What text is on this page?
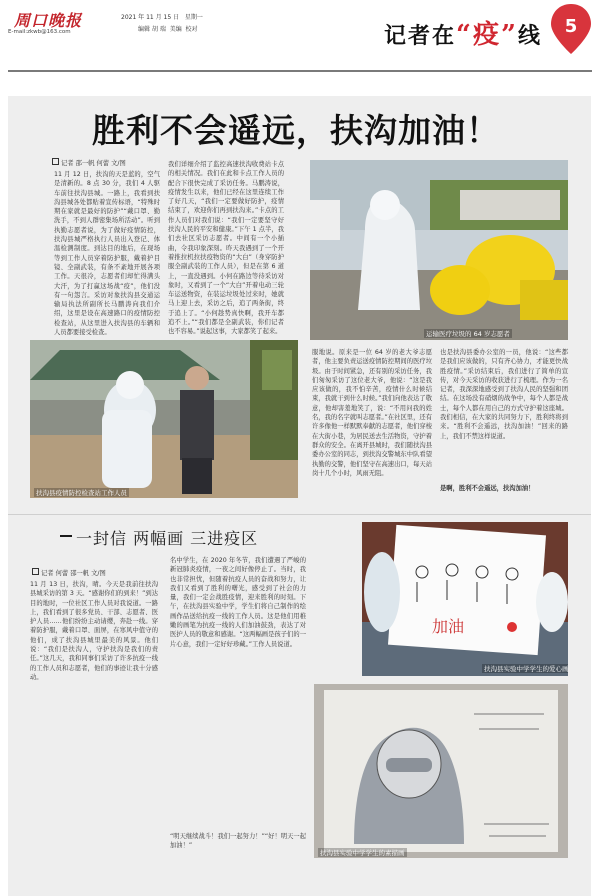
周口晚报
E-mail:zkwb@163.com
2021 年 11 月 15 日 星期一
编辑 胡 瑞 美编 校对	记者在“疫”线 5
胜利不会遥远，扶沟加油！
记者 邵一帆 何蕾 文/图
11 月 12 日，扶沟的天是蓝的，空气是清新的。8 点 30 分，我们 4 人驱车前往扶沟县城。一路上，我看到扶沟县城各处都贴着宣传标语，“特殊时期在家就是最好的防护”“戴口罩、勤洗手，不到人群密集场所活动”。听到执勤志愿者说，为了做好疫情防控，扶沟县城严格执行人员出入登记、体温检测制度。到达目的地后，在现场等到工作人员穿着防护服，戴着护目镜、全副武装，有条不紊地开展各项工作。天很冷，志愿者们却忙得满头大汗，为了打赢这场战“疫”，他们没有一句怨言。采访对象扶沟县交通运输局执法所副所长马鹏涛向我们介绍，这里是设在高速路口的疫情防控检查站，从这里进入扶沟县的车辆和人员都要接受检查。
我们详细介绍了监控高速扶沟收费站卡点的相关情况。我们在此和卡点工作人员的配合下很快完成了采访任务。马鹏涛说，疫情发生以来，他们已经在这里连续工作了好几天，“我们一定要做好防护，疫情结束了，欢迎你们再到扶沟来。”卡点的工作人员们对我们说：“我们一定要坚守好扶沟人民的平安和健康。”下午 1 点半，我们去社区采访志愿者。中间有一个小插曲，令我印象深刻。昨天我遇到了一个开着推拉机拉扶疫物资的“大白”（身穿防护服全副武装的工作人员），但是在第 6 道上，一直没遇到。小何在路边等待采访对象时，又看到了一个“大白”开着电动三轮车运送物资，在装运垃圾处过来时，她就马上迎上去，采访之后，追了两条街，终于追上了。“小何趁势真快啊，我开车都追不上。”“我们都是全副武装，你们记者也不容易。”说起这事，大家都笑了起来。
扶沟县疫情防控检查站工作人员
运输医疗垃圾的 64 岁志愿者
服地说。原来是一位 64 岁的老大爷志愿者，他主要负责运送疫情防控期间的医疗垃圾。由于时间紧急，还有别的采访任务，我们匆匆采访了这位老大爷，他说：“这是我应该做的，我不怕辛苦，疫情什么时候结束，我就干到什么时候。”我们向他表达了敬意，他却害羞地笑了，说：“不用问我的姓名，我的名字就叫志愿者。”在社区里，还有许多像他一样默默奉献的志愿者，他们穿梭在大街小巷，为居民送去生活物资，守护着群众的安全。在离开县城时，我们随扶沟县委办公室的同志，到扶沟交警城东中队看望执勤的交警，他们坚守在高速出口，每天站岗十几个小时，风雨无阻。
也是扶沟县委办公室的一员，他说：“这些都是我们应该做的，只有齐心协力，才能更快战胜疫情。”采访结束后，我们进行了简单的宣传，对今天采访的收获进行了梳理。作为一名记者，我深深地感受到了扶沟人民的坚强和团结。在这场没有硝烟的战争中，每个人都是战士，每个人都在用自己的方式守护着这座城。我们相信，在大家的共同努力下，胜利终将到来。“胜利不会遥远，扶沟加油！”回来的路上，我们不禁这样说道。
是啊，胜利不会遥远，扶沟加油！
一封信 两幅画 三进疫区
记者 何蕾 邵一帆 文/图
11 月 13 日，扶沟，晴。今天是我前往扶沟县城采访的第 3 天。“感谢你们的到来！”到达目的地时，一位社区工作人员对我说道。一路上，我们看到了很多党员、干部、志愿者、医护人员……他们纷纷主动请缨，奔赴一线。穿着防护服，戴着口罩、面屏，在寒风中值守的他们，成了扶沟县城里最美的风景。他们说：“我们是扶沟人，守护扶沟是我们的责任。”这几天，我和同事们采访了许多抗疫一线的工作人员和志愿者，他们的事迹让我十分感动。
名中学生，在 2020 年冬节，我们遭遇了严峻的新冠肺炎疫情，一夜之间好像停止了。当时，我也非常担忧，但随着抗疫人员的奋战和努力，让我们又看到了胜利的曙光，感受到了社会的力量，我们一定会战胜疫情，迎来胜利的时刻。下午，在扶沟县实验中学，学生们将自己制作的绘画作品送给抗疫一线的工作人员。这是他们用稚嫩的画笔为抗疫一线的人们加油鼓劲，表达了对医护人员的敬意和感谢。“这两幅画是孩子们的一片心意，我们一定好好珍藏。”工作人员说道。
“明天继续战斗！我们一起努力！”“好！明天一起加油！”
加油
扶沟县实验中学学生的爱心画
扶沟县实验中学学生的素描画
